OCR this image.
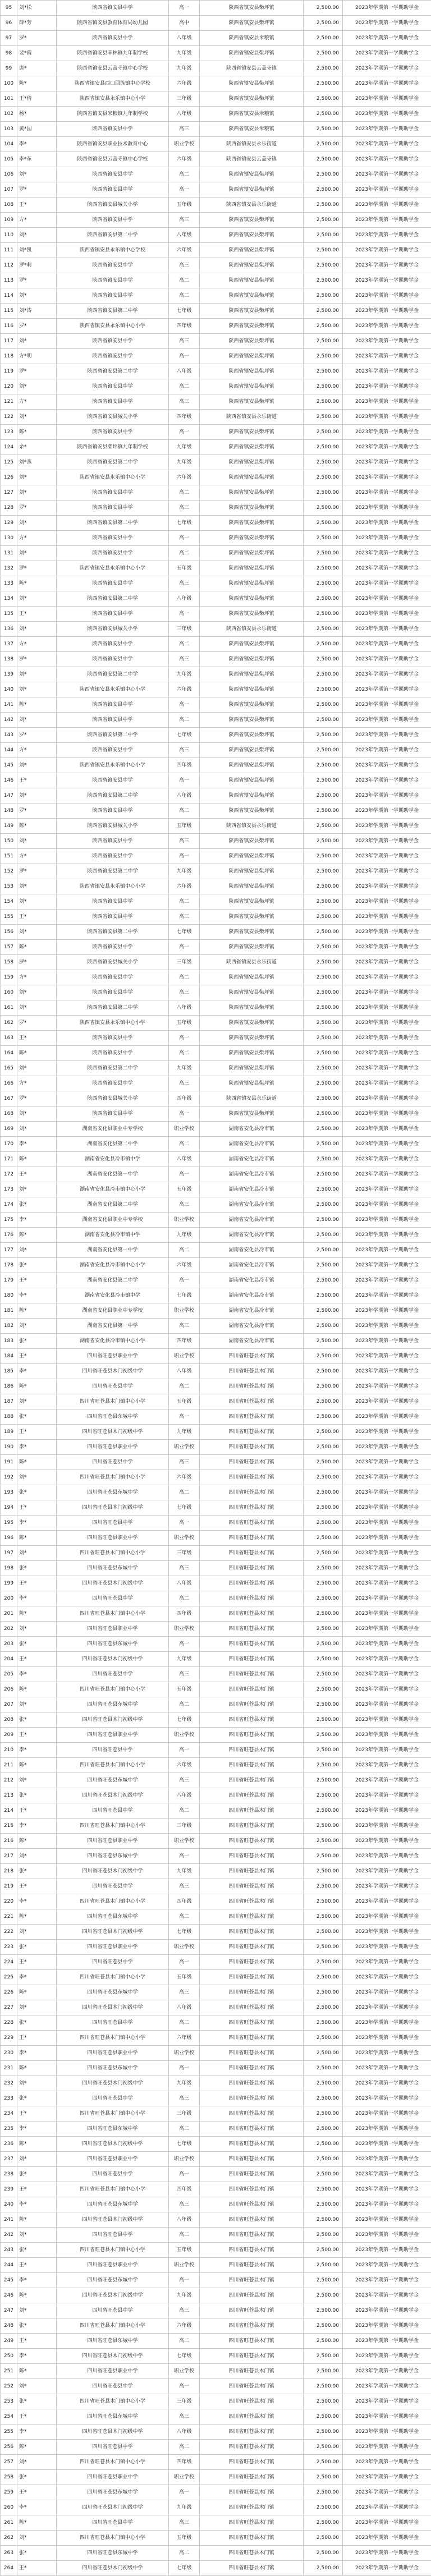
95	刘*松	陕西省镇安县中学	高一	陕西省镇安县柴坪镇	2,500.00	2023年学期第一学期助学金
96	薛*芳	陕西省镇安县教育体育局幼儿园	高中	陕西省镇安县柴坪镇	2,500.00	2023年学期第一学期助学金
97	罗*	陕西省镇安县中学	八年级	陕西省镇安县米粮镇	2,500.00	2023年学期第一学期助学金
98	裴*霞	陕西省镇安县丰林镇九年制学校	九年级	陕西省镇安县柴坪镇	2,500.00	2023年学期第一学期助学金
99	唐*	陕西省镇安县云盖寺镇中心学校	九年级	陕西省镇安县云盖寺镇	2,500.00	2023年学期第一学期助学金
100	陈*	陕西省镇安县西口回族镇中心学校	六年级	陕西省镇安县柴坪镇	2,500.00	2023年学期第一学期助学金
101	王*倩	陕西省镇安县永乐镇中心小学	三年级	陕西省镇安县柴坪镇	2,500.00	2023年学期第一学期助学金
102	杨*	陕西省镇安县米粮镇九年制学校	八年级	陕西省镇安县米粮镇	2,500.00	2023年学期第一学期助学金
103	黄*国	陕西省镇安县中学	高三	陕西省镇安县米粮镇	2,500.00	2023年学期第一学期助学金
104	李*	陕西省镇安县职业技术教育中心	职业学校	陕西省镇安县永乐街道	2,500.00	2023年学期第一学期助学金
105	李*东	陕西省镇安县云盖寺镇中心学校	六年级	陕西省镇安县云盖寺镇	2,500.00	2023年学期第一学期助学金
106	刘*	陕西省镇安县中学	高二	陕西省镇安县柴坪镇	2,500.00	2023年学期第一学期助学金
107	罗*	陕西省镇安县中学	高一	陕西省镇安县柴坪镇	2,500.00	2023年学期第一学期助学金
108	王*	陕西省镇安县城关小学	五年级	陕西省镇安县永乐街道	2,500.00	2023年学期第一学期助学金
109	方*	陕西省镇安县中学	高三	陕西省镇安县柴坪镇	2,500.00	2023年学期第一学期助学金
110	刘*	陕西省镇安县第二中学	八年级	陕西省镇安县柴坪镇	2,500.00	2023年学期第一学期助学金
111	刘*凯	陕西省镇安县永乐镇中心学校	六年级	陕西省镇安县柴坪镇	2,500.00	2023年学期第一学期助学金
112	罗*莉	陕西省镇安县中学	高三	陕西省镇安县柴坪镇	2,500.00	2023年学期第一学期助学金
113	罗*	陕西省镇安县中学	高二	陕西省镇安县柴坪镇	2,500.00	2023年学期第一学期助学金
114	刘*	陕西省镇安县中学	高二	陕西省镇安县柴坪镇	2,500.00	2023年学期第一学期助学金
115	刘*涛	陕西省镇安县第二中学	七年级	陕西省镇安县柴坪镇	2,500.00	2023年学期第一学期助学金
116	罗*	陕西省镇安县永乐镇中心小学	四年级	陕西省镇安县柴坪镇	2,500.00	2023年学期第一学期助学金
117	刘*	陕西省镇安县中学	高三	陕西省镇安县柴坪镇	2,500.00	2023年学期第一学期助学金
118	方*明	陕西省镇安县中学	高一	陕西省镇安县柴坪镇	2,500.00	2023年学期第一学期助学金
119	罗*	陕西省镇安县第二中学	八年级	陕西省镇安县柴坪镇	2,500.00	2023年学期第一学期助学金
120	刘*	陕西省镇安县中学	高二	陕西省镇安县柴坪镇	2,500.00	2023年学期第一学期助学金
121	方*	陕西省镇安县中学	高三	陕西省镇安县柴坪镇	2,500.00	2023年学期第一学期助学金
122	刘*	陕西省镇安县城关小学	四年级	陕西省镇安县永乐街道	2,500.00	2023年学期第一学期助学金
123	陈*	陕西省镇安县中学	高一	陕西省镇安县柴坪镇	2,500.00	2023年学期第一学期助学金
124	余*	陕西省镇安县柴坪镇九年制学校	九年级	陕西省镇安县柴坪镇	2,500.00	2023年学期第一学期助学金
125	刘*燕	陕西省镇安县第二中学	九年级	陕西省镇安县柴坪镇	2,500.00	2023年学期第一学期助学金
126	刘*	陕西省镇安县永乐镇中心小学	六年级	陕西省镇安县柴坪镇	2,500.00	2023年学期第一学期助学金
127	刘*	陕西省镇安县中学	高二	陕西省镇安县柴坪镇	2,500.00	2023年学期第一学期助学金
128	罗*	陕西省镇安县中学	高三	陕西省镇安县柴坪镇	2,500.00	2023年学期第一学期助学金
129	刘*	陕西省镇安县第二中学	七年级	陕西省镇安县柴坪镇	2,500.00	2023年学期第一学期助学金
130	方*	陕西省镇安县中学	高一	陕西省镇安县柴坪镇	2,500.00	2023年学期第一学期助学金
131	刘*	陕西省镇安县中学	高二	陕西省镇安县柴坪镇	2,500.00	2023年学期第一学期助学金
132	罗*	陕西省镇安县永乐镇中心小学	五年级	陕西省镇安县柴坪镇	2,500.00	2023年学期第一学期助学金
133	陈*	陕西省镇安县中学	高三	陕西省镇安县柴坪镇	2,500.00	2023年学期第一学期助学金
134	刘*	陕西省镇安县第二中学	八年级	陕西省镇安县柴坪镇	2,500.00	2023年学期第一学期助学金
135	王*	陕西省镇安县中学	高一	陕西省镇安县柴坪镇	2,500.00	2023年学期第一学期助学金
136	刘*	陕西省镇安县城关小学	三年级	陕西省镇安县永乐街道	2,500.00	2023年学期第一学期助学金
137	方*	陕西省镇安县中学	高二	陕西省镇安县柴坪镇	2,500.00	2023年学期第一学期助学金
138	罗*	陕西省镇安县中学	高三	陕西省镇安县柴坪镇	2,500.00	2023年学期第一学期助学金
139	刘*	陕西省镇安县第二中学	九年级	陕西省镇安县柴坪镇	2,500.00	2023年学期第一学期助学金
140	刘*	陕西省镇安县永乐镇中心小学	六年级	陕西省镇安县柴坪镇	2,500.00	2023年学期第一学期助学金
141	陈*	陕西省镇安县中学	高一	陕西省镇安县柴坪镇	2,500.00	2023年学期第一学期助学金
142	刘*	陕西省镇安县中学	高二	陕西省镇安县柴坪镇	2,500.00	2023年学期第一学期助学金
143	罗*	陕西省镇安县第二中学	七年级	陕西省镇安县柴坪镇	2,500.00	2023年学期第一学期助学金
144	方*	陕西省镇安县中学	高三	陕西省镇安县柴坪镇	2,500.00	2023年学期第一学期助学金
145	刘*	陕西省镇安县永乐镇中心小学	四年级	陕西省镇安县柴坪镇	2,500.00	2023年学期第一学期助学金
146	王*	陕西省镇安县中学	高一	陕西省镇安县柴坪镇	2,500.00	2023年学期第一学期助学金
147	刘*	陕西省镇安县第二中学	八年级	陕西省镇安县柴坪镇	2,500.00	2023年学期第一学期助学金
148	罗*	陕西省镇安县中学	高二	陕西省镇安县柴坪镇	2,500.00	2023年学期第一学期助学金
149	陈*	陕西省镇安县城关小学	五年级	陕西省镇安县永乐街道	2,500.00	2023年学期第一学期助学金
150	刘*	陕西省镇安县中学	高三	陕西省镇安县柴坪镇	2,500.00	2023年学期第一学期助学金
151	方*	陕西省镇安县中学	高一	陕西省镇安县柴坪镇	2,500.00	2023年学期第一学期助学金
152	罗*	陕西省镇安县第二中学	九年级	陕西省镇安县柴坪镇	2,500.00	2023年学期第一学期助学金
153	刘*	陕西省镇安县永乐镇中心小学	六年级	陕西省镇安县柴坪镇	2,500.00	2023年学期第一学期助学金
154	刘*	陕西省镇安县中学	高二	陕西省镇安县柴坪镇	2,500.00	2023年学期第一学期助学金
155	王*	陕西省镇安县中学	高三	陕西省镇安县柴坪镇	2,500.00	2023年学期第一学期助学金
156	刘*	陕西省镇安县第二中学	七年级	陕西省镇安县柴坪镇	2,500.00	2023年学期第一学期助学金
157	陈*	陕西省镇安县中学	高一	陕西省镇安县柴坪镇	2,500.00	2023年学期第一学期助学金
158	罗*	陕西省镇安县城关小学	三年级	陕西省镇安县永乐街道	2,500.00	2023年学期第一学期助学金
159	方*	陕西省镇安县中学	高二	陕西省镇安县柴坪镇	2,500.00	2023年学期第一学期助学金
160	刘*	陕西省镇安县中学	高三	陕西省镇安县柴坪镇	2,500.00	2023年学期第一学期助学金
161	刘*	陕西省镇安县第二中学	八年级	陕西省镇安县柴坪镇	2,500.00	2023年学期第一学期助学金
162	罗*	陕西省镇安县永乐镇中心小学	五年级	陕西省镇安县柴坪镇	2,500.00	2023年学期第一学期助学金
163	王*	陕西省镇安县中学	高一	陕西省镇安县柴坪镇	2,500.00	2023年学期第一学期助学金
164	陈*	陕西省镇安县中学	高二	陕西省镇安县柴坪镇	2,500.00	2023年学期第一学期助学金
165	刘*	陕西省镇安县第二中学	九年级	陕西省镇安县柴坪镇	2,500.00	2023年学期第一学期助学金
166	方*	陕西省镇安县中学	高三	陕西省镇安县柴坪镇	2,500.00	2023年学期第一学期助学金
167	罗*	陕西省镇安县城关小学	四年级	陕西省镇安县永乐街道	2,500.00	2023年学期第一学期助学金
168	刘*	陕西省镇安县中学	高一	陕西省镇安县柴坪镇	2,500.00	2023年学期第一学期助学金
169	刘*	湖南省安化县职业中专学校	职业学校	湖南省安化县冷市镇	2,500.00	2023年学期第一学期助学金
170	李*	湖南省安化县第二中学	高二	湖南省安化县冷市镇	2,500.00	2023年学期第一学期助学金
171	陈*	湖南省安化县冷市镇中学	八年级	湖南省安化县冷市镇	2,500.00	2023年学期第一学期助学金
172	王*	湖南省安化县第一中学	高一	湖南省安化县冷市镇	2,500.00	2023年学期第一学期助学金
173	刘*	湖南省安化县冷市镇中心小学	五年级	湖南省安化县冷市镇	2,500.00	2023年学期第一学期助学金
174	张*	湖南省安化县第二中学	高三	湖南省安化县冷市镇	2,500.00	2023年学期第一学期助学金
175	李*	湖南省安化县职业中专学校	职业学校	湖南省安化县冷市镇	2,500.00	2023年学期第一学期助学金
176	陈*	湖南省安化县冷市镇中学	九年级	湖南省安化县冷市镇	2,500.00	2023年学期第一学期助学金
177	刘*	湖南省安化县第一中学	高二	湖南省安化县冷市镇	2,500.00	2023年学期第一学期助学金
178	张*	湖南省安化县冷市镇中心小学	六年级	湖南省安化县冷市镇	2,500.00	2023年学期第一学期助学金
179	王*	湖南省安化县第二中学	高一	湖南省安化县冷市镇	2,500.00	2023年学期第一学期助学金
180	李*	湖南省安化县冷市镇中学	七年级	湖南省安化县冷市镇	2,500.00	2023年学期第一学期助学金
181	陈*	湖南省安化县职业中专学校	职业学校	湖南省安化县冷市镇	2,500.00	2023年学期第一学期助学金
182	刘*	湖南省安化县第一中学	高三	湖南省安化县冷市镇	2,500.00	2023年学期第一学期助学金
183	张*	湖南省安化县冷市镇中心小学	四年级	湖南省安化县冷市镇	2,500.00	2023年学期第一学期助学金
184	王*	四川省旺苍县职业中学	职业学校	四川省旺苍县木门镇	2,500.00	2023年学期第一学期助学金
185	李*	四川省旺苍县木门初级中学	八年级	四川省旺苍县木门镇	2,500.00	2023年学期第一学期助学金
186	陈*	四川省旺苍县中学	高二	四川省旺苍县木门镇	2,500.00	2023年学期第一学期助学金
187	刘*	四川省旺苍县木门镇中心小学	五年级	四川省旺苍县木门镇	2,500.00	2023年学期第一学期助学金
188	张*	四川省旺苍县东城中学	高一	四川省旺苍县木门镇	2,500.00	2023年学期第一学期助学金
189	王*	四川省旺苍县木门初级中学	九年级	四川省旺苍县木门镇	2,500.00	2023年学期第一学期助学金
190	李*	四川省旺苍县职业中学	职业学校	四川省旺苍县木门镇	2,500.00	2023年学期第一学期助学金
191	陈*	四川省旺苍县中学	高三	四川省旺苍县木门镇	2,500.00	2023年学期第一学期助学金
192	刘*	四川省旺苍县木门镇中心小学	六年级	四川省旺苍县木门镇	2,500.00	2023年学期第一学期助学金
193	张*	四川省旺苍县东城中学	高二	四川省旺苍县木门镇	2,500.00	2023年学期第一学期助学金
194	王*	四川省旺苍县木门初级中学	七年级	四川省旺苍县木门镇	2,500.00	2023年学期第一学期助学金
195	李*	四川省旺苍县中学	高一	四川省旺苍县木门镇	2,500.00	2023年学期第一学期助学金
196	陈*	四川省旺苍县职业中学	职业学校	四川省旺苍县木门镇	2,500.00	2023年学期第一学期助学金
197	刘*	四川省旺苍县木门镇中心小学	三年级	四川省旺苍县木门镇	2,500.00	2023年学期第一学期助学金
198	张*	四川省旺苍县东城中学	高三	四川省旺苍县木门镇	2,500.00	2023年学期第一学期助学金
199	王*	四川省旺苍县木门初级中学	八年级	四川省旺苍县木门镇	2,500.00	2023年学期第一学期助学金
200	李*	四川省旺苍县中学	高二	四川省旺苍县木门镇	2,500.00	2023年学期第一学期助学金
201	陈*	四川省旺苍县木门镇中心小学	四年级	四川省旺苍县木门镇	2,500.00	2023年学期第一学期助学金
202	刘*	四川省旺苍县职业中学	职业学校	四川省旺苍县木门镇	2,500.00	2023年学期第一学期助学金
203	张*	四川省旺苍县东城中学	高一	四川省旺苍县木门镇	2,500.00	2023年学期第一学期助学金
204	王*	四川省旺苍县木门初级中学	九年级	四川省旺苍县木门镇	2,500.00	2023年学期第一学期助学金
205	李*	四川省旺苍县中学	高三	四川省旺苍县木门镇	2,500.00	2023年学期第一学期助学金
206	陈*	四川省旺苍县木门镇中心小学	五年级	四川省旺苍县木门镇	2,500.00	2023年学期第一学期助学金
207	刘*	四川省旺苍县东城中学	高二	四川省旺苍县木门镇	2,500.00	2023年学期第一学期助学金
208	张*	四川省旺苍县木门初级中学	七年级	四川省旺苍县木门镇	2,500.00	2023年学期第一学期助学金
209	王*	四川省旺苍县职业中学	职业学校	四川省旺苍县木门镇	2,500.00	2023年学期第一学期助学金
210	李*	四川省旺苍县中学	高一	四川省旺苍县木门镇	2,500.00	2023年学期第一学期助学金
211	陈*	四川省旺苍县木门镇中心小学	六年级	四川省旺苍县木门镇	2,500.00	2023年学期第一学期助学金
212	刘*	四川省旺苍县东城中学	高三	四川省旺苍县木门镇	2,500.00	2023年学期第一学期助学金
213	张*	四川省旺苍县木门初级中学	八年级	四川省旺苍县木门镇	2,500.00	2023年学期第一学期助学金
214	王*	四川省旺苍县中学	高二	四川省旺苍县木门镇	2,500.00	2023年学期第一学期助学金
215	李*	四川省旺苍县木门镇中心小学	三年级	四川省旺苍县木门镇	2,500.00	2023年学期第一学期助学金
216	陈*	四川省旺苍县职业中学	职业学校	四川省旺苍县木门镇	2,500.00	2023年学期第一学期助学金
217	刘*	四川省旺苍县东城中学	高一	四川省旺苍县木门镇	2,500.00	2023年学期第一学期助学金
218	张*	四川省旺苍县木门初级中学	九年级	四川省旺苍县木门镇	2,500.00	2023年学期第一学期助学金
219	王*	四川省旺苍县中学	高三	四川省旺苍县木门镇	2,500.00	2023年学期第一学期助学金
220	李*	四川省旺苍县木门镇中心小学	四年级	四川省旺苍县木门镇	2,500.00	2023年学期第一学期助学金
221	陈*	四川省旺苍县东城中学	高二	四川省旺苍县木门镇	2,500.00	2023年学期第一学期助学金
222	刘*	四川省旺苍县木门初级中学	七年级	四川省旺苍县木门镇	2,500.00	2023年学期第一学期助学金
223	张*	四川省旺苍县职业中学	职业学校	四川省旺苍县木门镇	2,500.00	2023年学期第一学期助学金
224	王*	四川省旺苍县中学	高一	四川省旺苍县木门镇	2,500.00	2023年学期第一学期助学金
225	李*	四川省旺苍县木门镇中心小学	五年级	四川省旺苍县木门镇	2,500.00	2023年学期第一学期助学金
226	陈*	四川省旺苍县东城中学	高三	四川省旺苍县木门镇	2,500.00	2023年学期第一学期助学金
227	刘*	四川省旺苍县木门初级中学	八年级	四川省旺苍县木门镇	2,500.00	2023年学期第一学期助学金
228	张*	四川省旺苍县中学	高二	四川省旺苍县木门镇	2,500.00	2023年学期第一学期助学金
229	王*	四川省旺苍县木门镇中心小学	六年级	四川省旺苍县木门镇	2,500.00	2023年学期第一学期助学金
230	李*	四川省旺苍县职业中学	职业学校	四川省旺苍县木门镇	2,500.00	2023年学期第一学期助学金
231	陈*	四川省旺苍县东城中学	高一	四川省旺苍县木门镇	2,500.00	2023年学期第一学期助学金
232	刘*	四川省旺苍县木门初级中学	九年级	四川省旺苍县木门镇	2,500.00	2023年学期第一学期助学金
233	张*	四川省旺苍县中学	高三	四川省旺苍县木门镇	2,500.00	2023年学期第一学期助学金
234	王*	四川省旺苍县木门镇中心小学	三年级	四川省旺苍县木门镇	2,500.00	2023年学期第一学期助学金
235	李*	四川省旺苍县东城中学	高二	四川省旺苍县木门镇	2,500.00	2023年学期第一学期助学金
236	陈*	四川省旺苍县木门初级中学	七年级	四川省旺苍县木门镇	2,500.00	2023年学期第一学期助学金
237	刘*	四川省旺苍县职业中学	职业学校	四川省旺苍县木门镇	2,500.00	2023年学期第一学期助学金
238	张*	四川省旺苍县中学	高一	四川省旺苍县木门镇	2,500.00	2023年学期第一学期助学金
239	王*	四川省旺苍县木门镇中心小学	四年级	四川省旺苍县木门镇	2,500.00	2023年学期第一学期助学金
240	李*	四川省旺苍县东城中学	高三	四川省旺苍县木门镇	2,500.00	2023年学期第一学期助学金
241	陈*	四川省旺苍县木门初级中学	八年级	四川省旺苍县木门镇	2,500.00	2023年学期第一学期助学金
242	刘*	四川省旺苍县中学	高二	四川省旺苍县木门镇	2,500.00	2023年学期第一学期助学金
243	张*	四川省旺苍县木门镇中心小学	五年级	四川省旺苍县木门镇	2,500.00	2023年学期第一学期助学金
244	王*	四川省旺苍县职业中学	职业学校	四川省旺苍县木门镇	2,500.00	2023年学期第一学期助学金
245	李*	四川省旺苍县东城中学	高一	四川省旺苍县木门镇	2,500.00	2023年学期第一学期助学金
246	陈*	四川省旺苍县木门初级中学	九年级	四川省旺苍县木门镇	2,500.00	2023年学期第一学期助学金
247	刘*	四川省旺苍县中学	高三	四川省旺苍县木门镇	2,500.00	2023年学期第一学期助学金
248	张*	四川省旺苍县木门镇中心小学	六年级	四川省旺苍县木门镇	2,500.00	2023年学期第一学期助学金
249	王*	四川省旺苍县东城中学	高二	四川省旺苍县木门镇	2,500.00	2023年学期第一学期助学金
250	李*	四川省旺苍县木门初级中学	七年级	四川省旺苍县木门镇	2,500.00	2023年学期第一学期助学金
251	陈*	四川省旺苍县职业中学	职业学校	四川省旺苍县木门镇	2,500.00	2023年学期第一学期助学金
252	刘*	四川省旺苍县中学	高一	四川省旺苍县木门镇	2,500.00	2023年学期第一学期助学金
253	张*	四川省旺苍县木门镇中心小学	三年级	四川省旺苍县木门镇	2,500.00	2023年学期第一学期助学金
254	王*	四川省旺苍县东城中学	高三	四川省旺苍县木门镇	2,500.00	2023年学期第一学期助学金
255	李*	四川省旺苍县木门初级中学	八年级	四川省旺苍县木门镇	2,500.00	2023年学期第一学期助学金
256	陈*	四川省旺苍县中学	高二	四川省旺苍县木门镇	2,500.00	2023年学期第一学期助学金
257	刘*	四川省旺苍县木门镇中心小学	四年级	四川省旺苍县木门镇	2,500.00	2023年学期第一学期助学金
258	张*	四川省旺苍县职业中学	职业学校	四川省旺苍县木门镇	2,500.00	2023年学期第一学期助学金
259	王*	四川省旺苍县东城中学	高一	四川省旺苍县木门镇	2,500.00	2023年学期第一学期助学金
260	李*	四川省旺苍县木门初级中学	九年级	四川省旺苍县木门镇	2,500.00	2023年学期第一学期助学金
261	陈*	四川省旺苍县中学	高三	四川省旺苍县木门镇	2,500.00	2023年学期第一学期助学金
262	刘*	四川省旺苍县木门镇中心小学	五年级	四川省旺苍县木门镇	2,500.00	2023年学期第一学期助学金
263	张*	四川省旺苍县东城中学	高二	四川省旺苍县木门镇	2,500.00	2023年学期第一学期助学金
264	王*	四川省旺苍县木门初级中学	七年级	四川省旺苍县木门镇	2,500.00	2023年学期第一学期助学金
